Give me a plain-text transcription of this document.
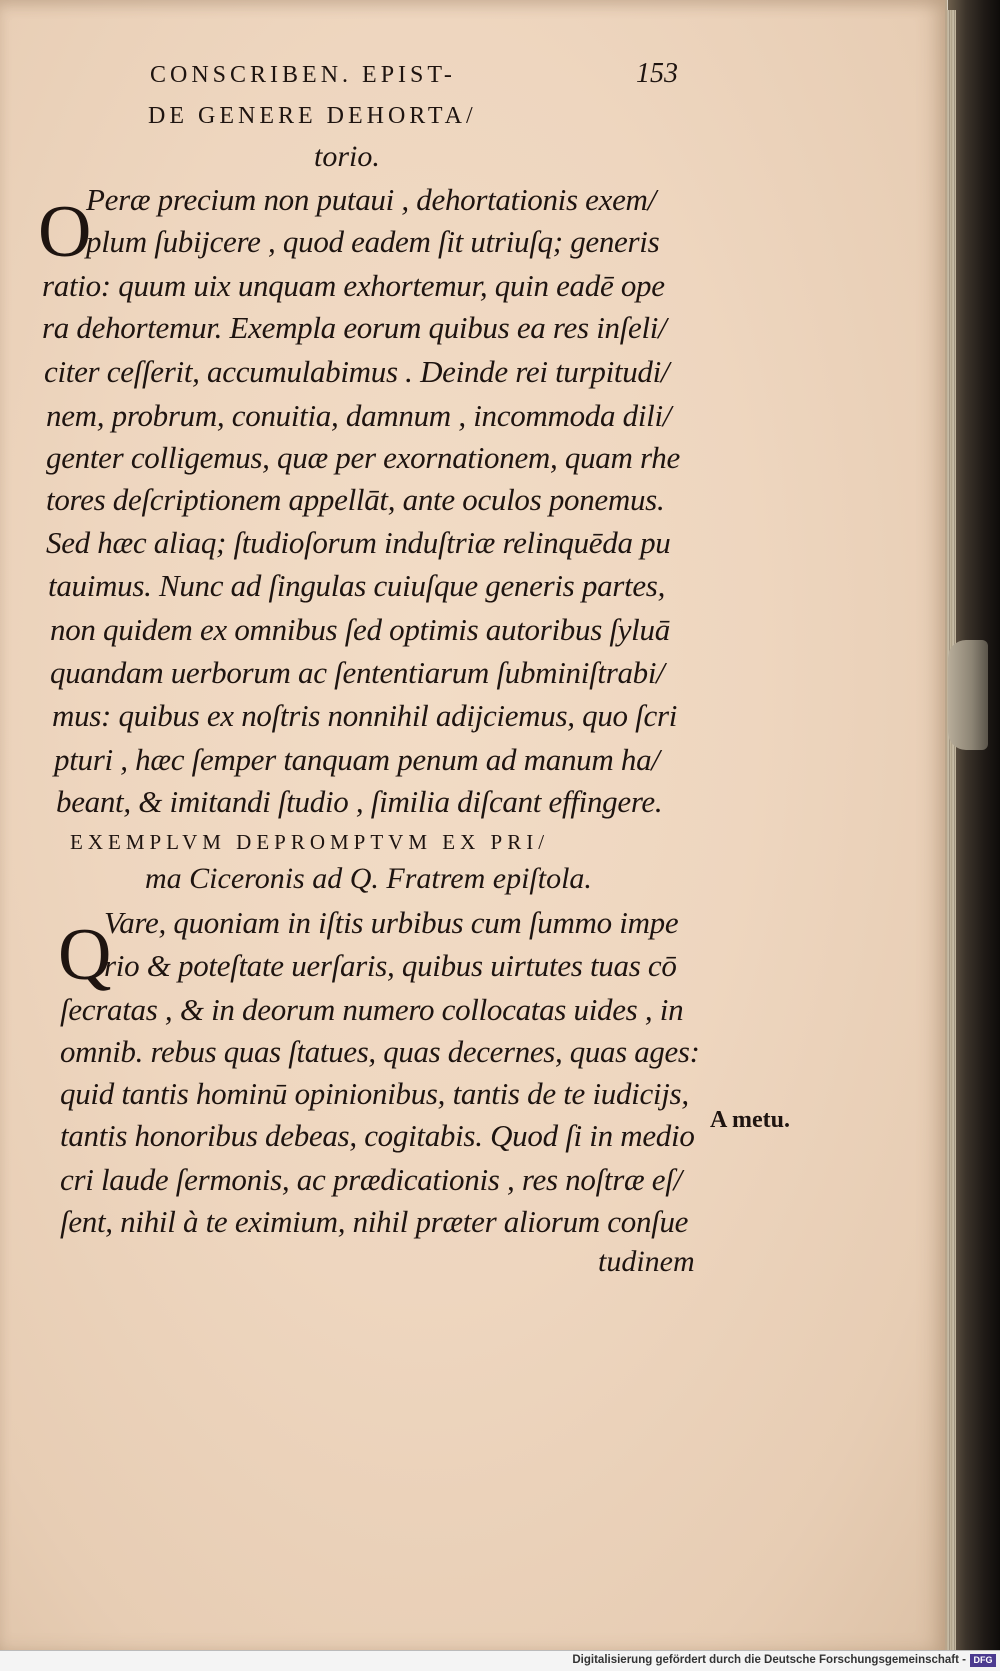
CONSCRIBEN. EPIST-	153
DE GENERE DEHORTA/
torio.
O
Peræ precium non putaui , dehortationis exem/
plum ſubijcere , quod eadem ſit utriuſq; generis
ratio: quum uix unquam exhortemur, quin eadē ope
ra dehortemur. Exempla eorum quibus ea res inſeli/
citer ceſſerit, accumulabimus . Deinde rei turpitudi/
nem, probrum, conuitia, damnum , incommoda dili/
genter colligemus, quæ per exornationem, quam rhe
tores deſcriptionem appellāt, ante oculos ponemus.
Sed hæc aliaq; ſtudioſorum induſtriæ relinquēda pu
tauimus. Nunc ad ſingulas cuiuſque generis partes,
non quidem ex omnibus ſed optimis autoribus ſyluā
quandam uerborum ac ſententiarum ſubminiſtrabi/
mus: quibus ex noſtris nonnihil adijciemus, quo ſcri
pturi , hæc ſemper tanquam penum ad manum ha/
beant, & imitandi ſtudio , ſimilia diſcant effingere.
EXEMPLVM DEPROMPTVM EX PRI/
ma Ciceronis ad Q. Fratrem epiſtola.
Q
Vare, quoniam in iſtis urbibus cum ſummo impe
rio & poteſtate uerſaris, quibus uirtutes tuas cō
ſecratas , & in deorum numero collocatas uides , in
omnib. rebus quas ſtatues, quas decernes, quas ages:
quid tantis hominū opinionibus, tantis de te iudicijs,
tantis honoribus debeas, cogitabis. Quod ſi in medio
cri laude ſermonis, ac prædicationis , res noſtræ eſ/
ſent, nihil à te eximium, nihil præter aliorum conſue
A metu.
tudinem
Digitalisierung gefördert durch die Deutsche Forschungsgemeinschaft - DFG
